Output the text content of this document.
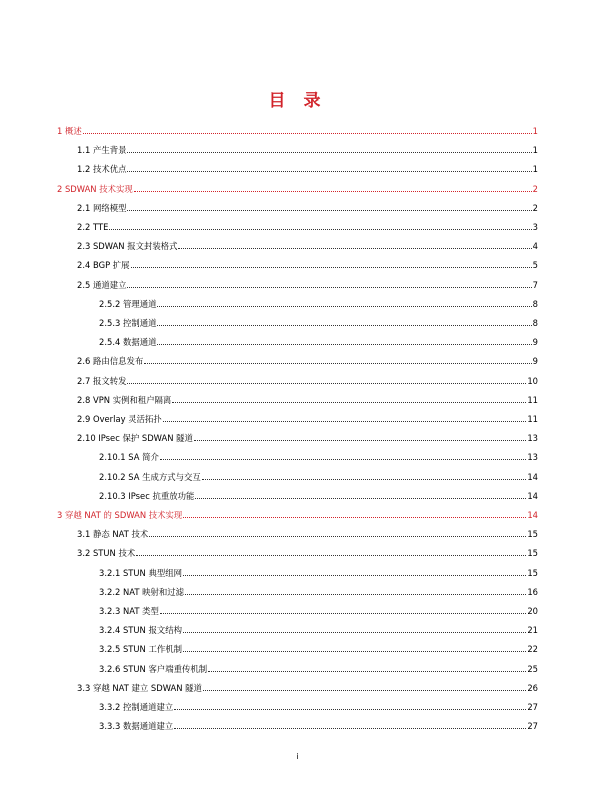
目 录
1 概述	1
1.1 产生背景	1
1.2 技术优点	1
2 SDWAN 技术实现	2
2.1 网络模型	2
2.2 TTE	3
2.3 SDWAN 报文封装格式	4
2.4 BGP 扩展	5
2.5 通道建立	7
2.5.2 管理通道	8
2.5.3 控制通道	8
2.5.4 数据通道	9
2.6 路由信息发布	9
2.7 报文转发	10
2.8 VPN 实例和租户隔离	11
2.9 Overlay 灵活拓扑	11
2.10 IPsec 保护 SDWAN 隧道	13
2.10.1 SA 简介	13
2.10.2 SA 生成方式与交互	14
2.10.3 IPsec 抗重放功能	14
3 穿越 NAT 的 SDWAN 技术实现	14
3.1 静态 NAT 技术	15
3.2 STUN 技术	15
3.2.1 STUN 典型组网	15
3.2.2 NAT 映射和过滤	16
3.2.3 NAT 类型	20
3.2.4 STUN 报文结构	21
3.2.5 STUN 工作机制	22
3.2.6 STUN 客户端重传机制	25
3.3 穿越 NAT 建立 SDWAN 隧道	26
3.3.2 控制通道建立	27
3.3.3 数据通道建立	27
i
